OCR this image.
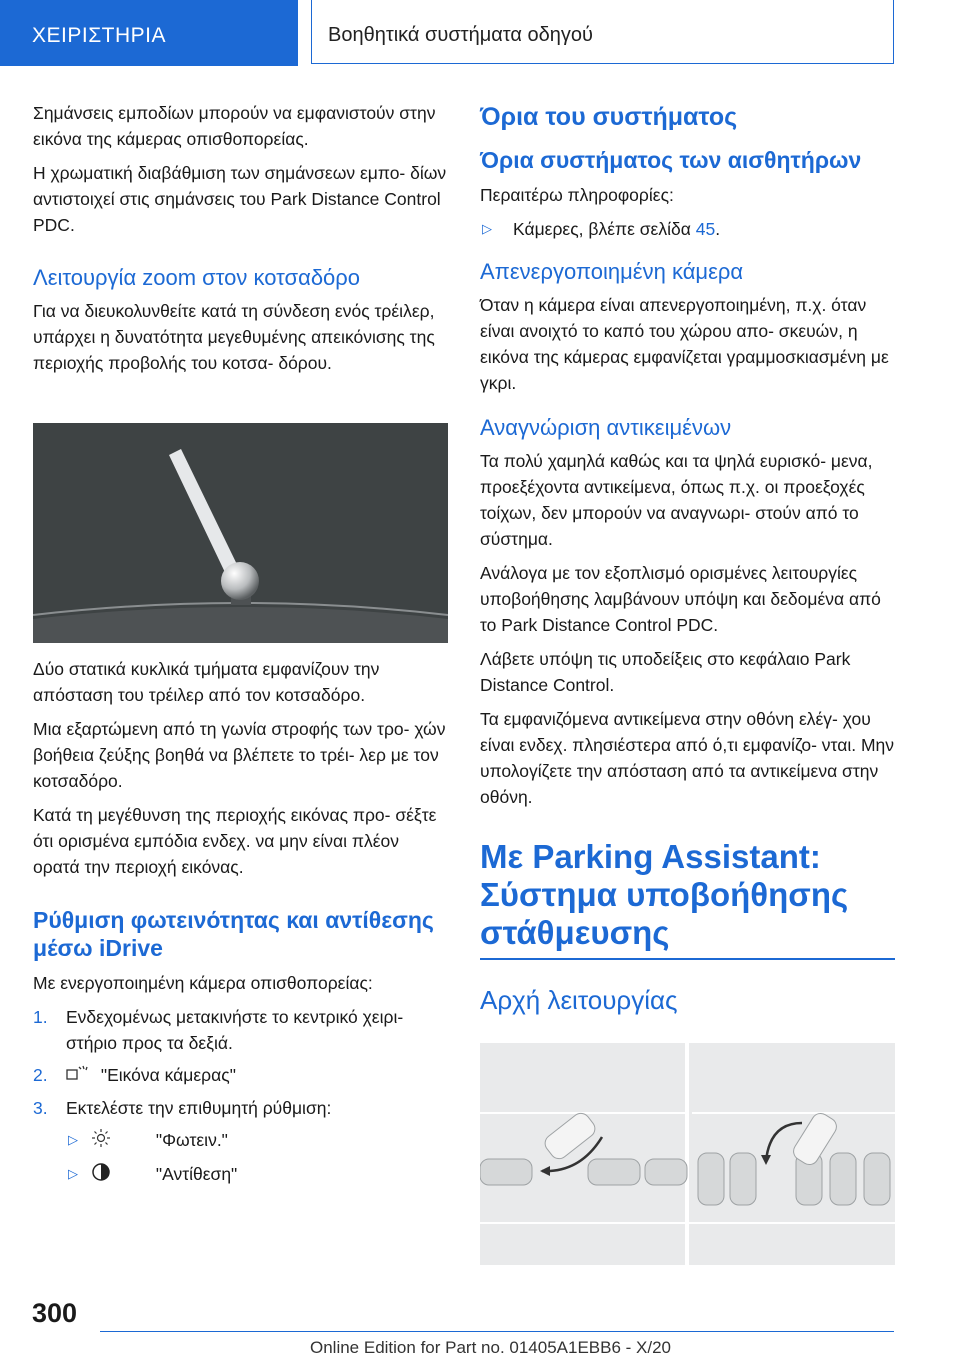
ΧΕΙΡΙΣΤΗΡΙΑ	Βοηθητικά συστήματα οδηγού

Σημάνσεις εμποδίων μπορούν να εμφανιστούν στην εικόνα της κάμερας οπισθοπορείας.

Η χρωματική διαβάθμιση των σημάνσεων εμπο‐ δίων αντιστοιχεί στις σημάνσεις του Park Distance Control PDC.

Λειτουργία zoom στον κοτσαδόρο

Για να διευκολυνθείτε κατά τη σύνδεση ενός τρέιλερ, υπάρχει η δυνατότητα μεγεθυμένης απεικόνισης της περιοχής προβολής του κοτσα‐ δόρου.

Δύο στατικά κυκλικά τμήματα εμφανίζουν την απόσταση του τρέιλερ από τον κοτσαδόρο.

Μια εξαρτώμενη από τη γωνία στροφής των τρο‐ χών βοήθεια ζεύξης βοηθά να βλέπετε το τρέι‐ λερ με τον κοτσαδόρο.

Κατά τη μεγέθυνση της περιοχής εικόνας προ‐ σέξτε ότι ορισμένα εμπόδια ενδεχ. να μην είναι πλέον ορατά την περιοχή εικόνας.

Ρύθμιση φωτεινότητας και αντίθεσης μέσω iDrive

Με ενεργοποιημένη κάμερα οπισθοπορείας:

1. Ενδεχομένως μετακινήστε το κεντρικό χειρι‐ στήριο προς τα δεξιά.
2.	"Εικόνα κάμερας"
3. Εκτελέστε την επιθυμητή ρύθμιση:
▷	"Φωτειν."
▷	"Αντίθεση"
Όρια του συστήματος
Όρια συστήματος των αισθητήρων

Περαιτέρω πληροφορίες:

▷ Κάμερες, βλέπε σελίδα 45.
Απενεργοποιημένη κάμερα

Όταν η κάμερα είναι απενεργοποιημένη, π.χ. όταν είναι ανοιχτό το καπό του χώρου απο‐ σκευών, η εικόνα της κάμερας εμφανίζεται γραμμοσκιασμένη με γκρι.

Αναγνώριση αντικειμένων

Τα πολύ χαμηλά καθώς και τα ψηλά ευρισκό‐ μενα, προεξέχοντα αντικείμενα, όπως π.χ. οι προεξοχές τοίχων, δεν μπορούν να αναγνωρι‐ στούν από το σύστημα.

Ανάλογα με τον εξοπλισμό ορισμένες λειτουργίες υποβοήθησης λαμβάνουν υπόψη και δεδομένα από το Park Distance Control PDC.

Λάβετε υπόψη τις υποδείξεις στο κεφάλαιο Park Distance Control.

Τα εμφανιζόμενα αντικείμενα στην οθόνη ελέγ‐ χου είναι ενδεχ. πλησιέστερα από ό,τι εμφανίζο‐ νται. Μην υπολογίζετε την απόσταση από τα αντικείμενα στην οθόνη.

Με Parking Assistant: Σύστημα υποβοήθησης στάθμευσης
Αρχή λειτουργίας
300
Online Edition for Part no. 01405A1EBB6 - X/20
